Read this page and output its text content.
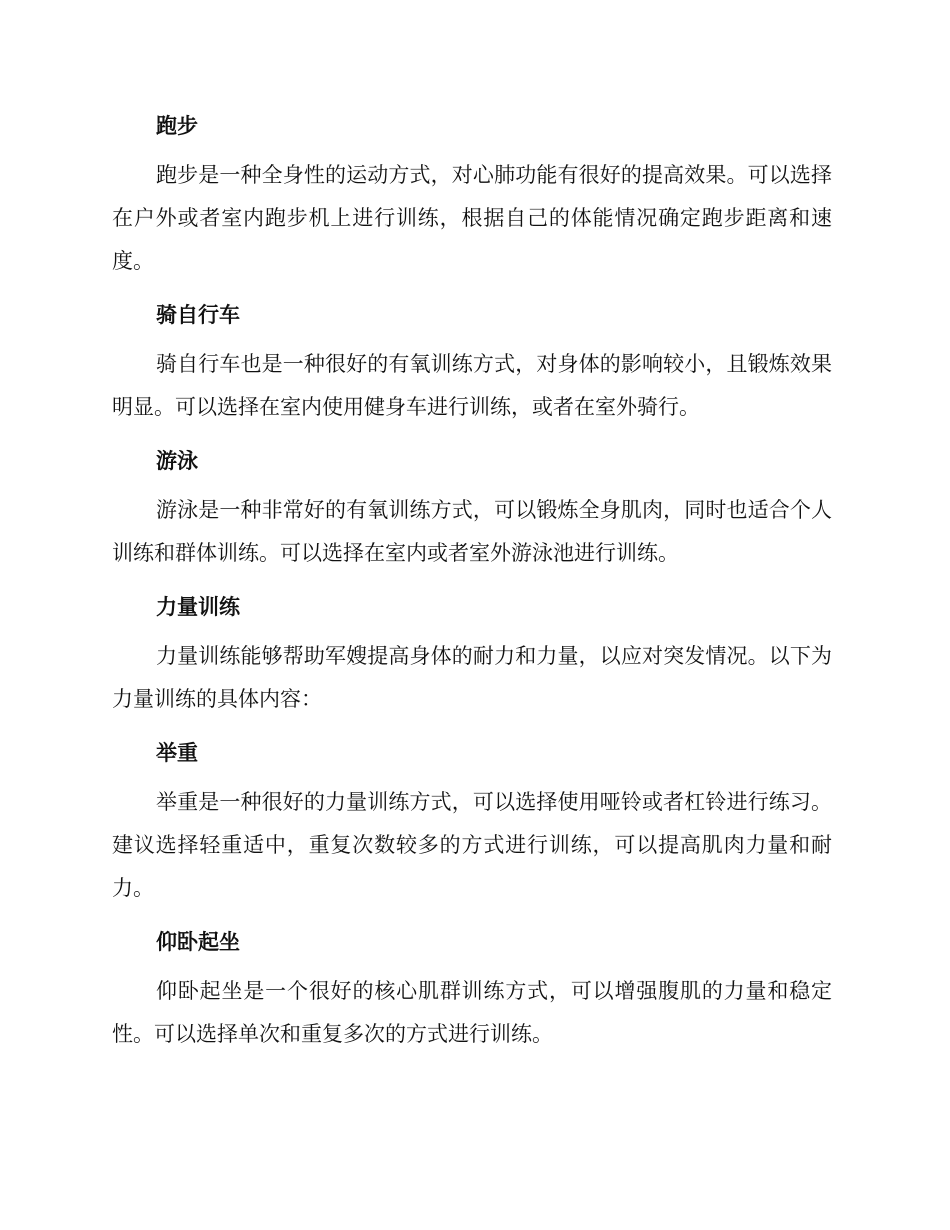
跑步

跑步是一种全身性的运动方式，对心肺功能有很好的提高效果。可以选择在户外或者室内跑步机上进行训练，根据自己的体能情况确定跑步距离和速度。

骑自行车

骑自行车也是一种很好的有氧训练方式，对身体的影响较小，且锻炼效果明显。可以选择在室内使用健身车进行训练，或者在室外骑行。

游泳

游泳是一种非常好的有氧训练方式，可以锻炼全身肌肉，同时也适合个人训练和群体训练。可以选择在室内或者室外游泳池进行训练。

力量训练

力量训练能够帮助军嫂提高身体的耐力和力量，以应对突发情况。以下为力量训练的具体内容：

举重

举重是一种很好的力量训练方式，可以选择使用哑铃或者杠铃进行练习。建议选择轻重适中，重复次数较多的方式进行训练，可以提高肌肉力量和耐力。

仰卧起坐

仰卧起坐是一个很好的核心肌群训练方式，可以增强腹肌的力量和稳定性。可以选择单次和重复多次的方式进行训练。
